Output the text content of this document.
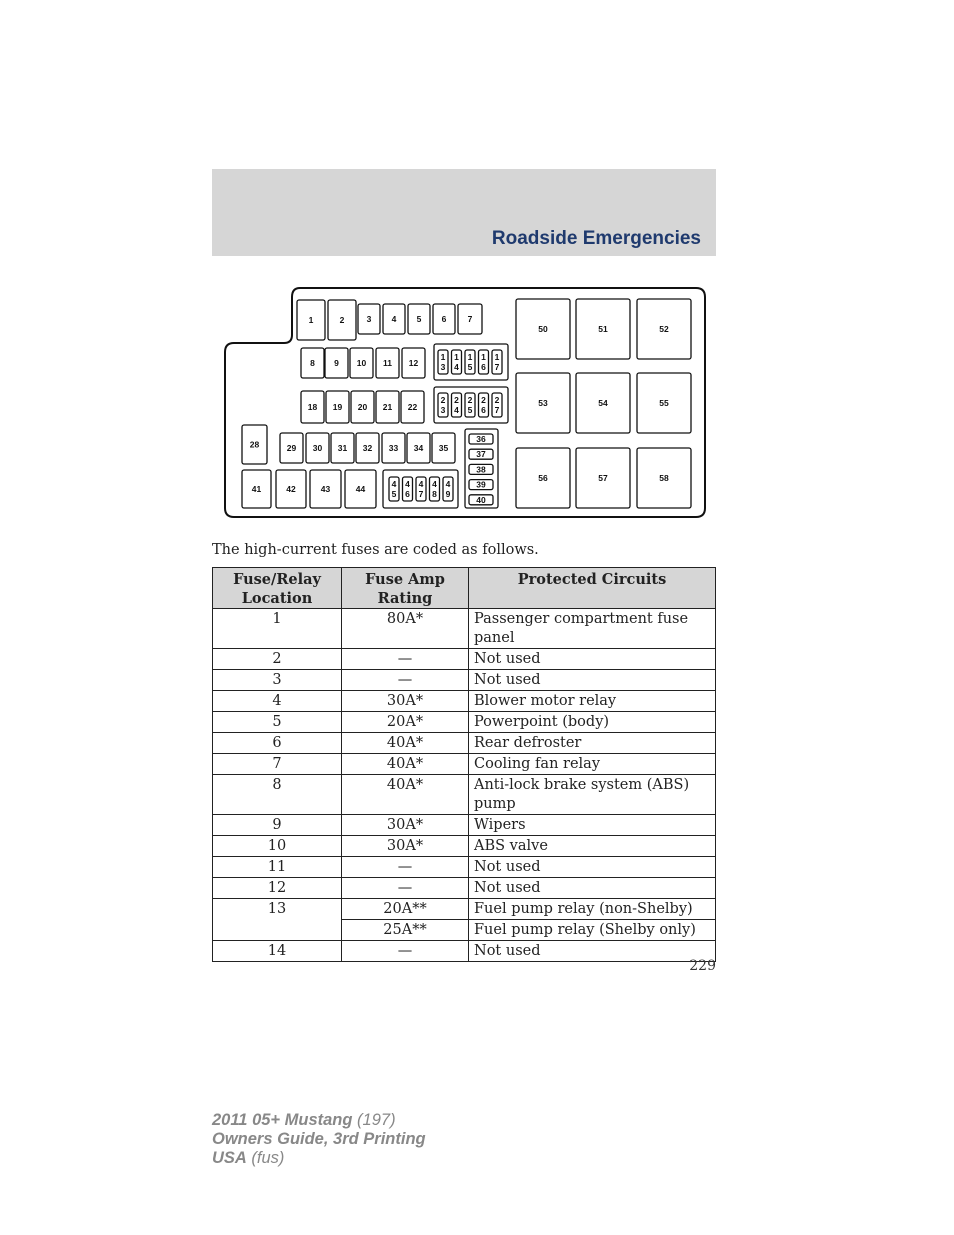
Roadside Emergencies
1	2	3 4 5 6	7
8 9 10 11 12
1 3
1 4
1 5
1 6
1 7
18 19 20 21 22
2 3
2 4
2 5
2 6
2 7
28	29 30 31 32 33 34 35
36
37
38
39
40
41	42	43	44	4 5
4 6
4 7
4 8
4 9
50	51	52
53	54	55
56	57	58
The high-current fuses are coded as follows.
Fuse/Relay Location	Fuse Amp Rating	Protected Circuits
1	80A*	Passenger compartment fuse panel
2	—	Not used
3	—	Not used
4	30A*	Blower motor relay
5	20A*	Powerpoint (body)
6	40A*	Rear defroster
7	40A*	Cooling fan relay
8	40A*	Anti-lock brake system (ABS) pump
9	30A*	Wipers
10	30A*	ABS valve
11	—	Not used
12	—	Not used
13	20A**	Fuel pump relay (non-Shelby)
	25A**	Fuel pump relay (Shelby only)
14	—	Not used
229
2011 05+ Mustang (197)
Owners Guide, 3rd Printing
USA (fus)
